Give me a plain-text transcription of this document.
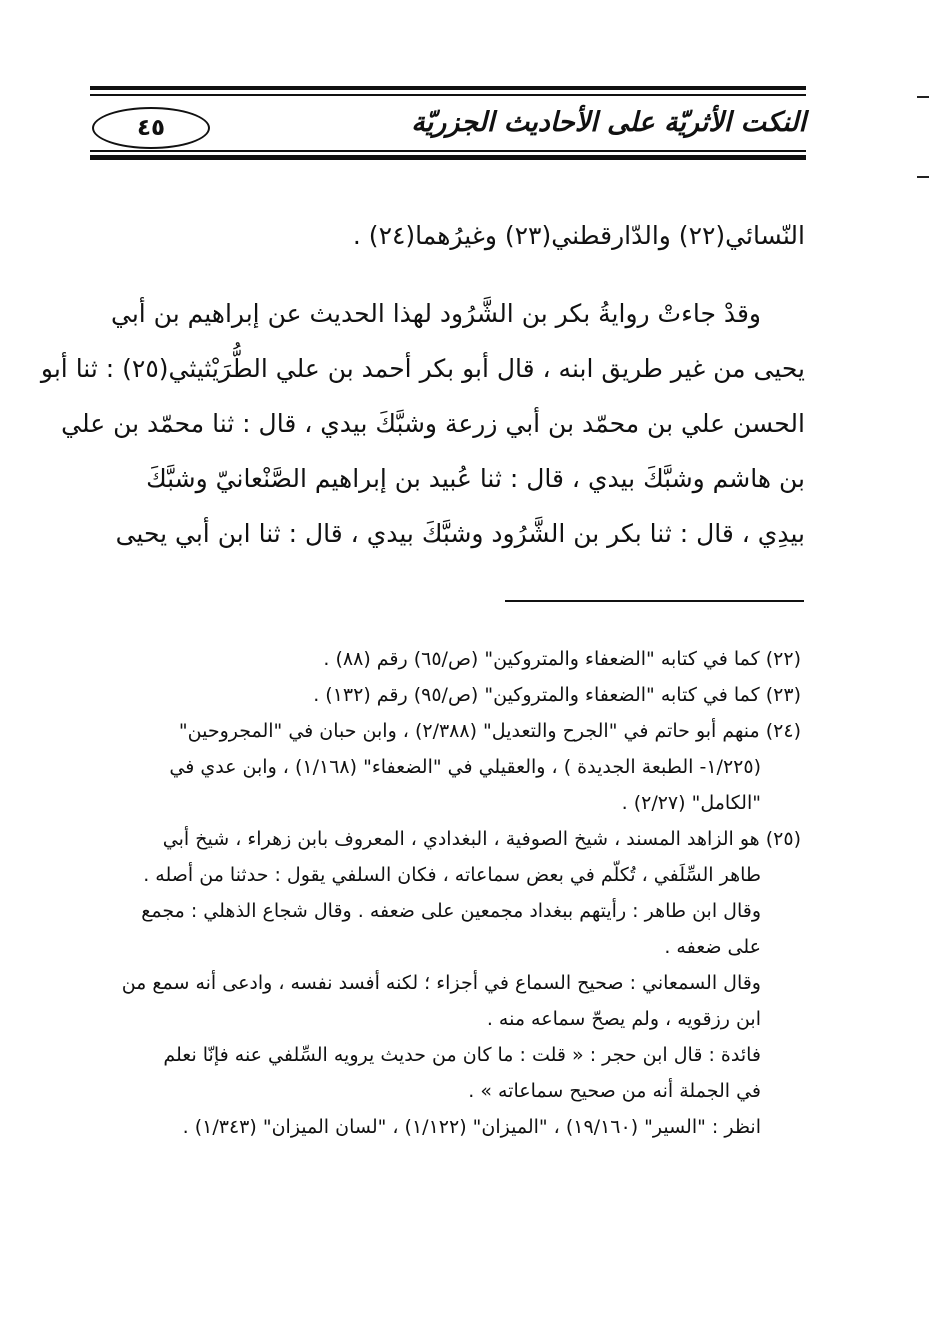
النكت الأثريّة على الأحاديث الجزريّة
٤٥
النّسائي(٢٢) والدّارقطني(٢٣) وغيرُهما(٢٤) .
وقدْ جاءتْ روايةُ بكر بن الشَّرُود لهذا الحديث عن إبراهيم بن أبي
يحيى من غير طريق ابنه ، قال أبو بكر أحمد بن علي الطُّرَيْثيثي(٢٥) : ثنا أبو
الحسن علي بن محمّد بن أبي زرعة وشبَّكَ بيدي ، قال : ثنا محمّد بن علي
بن هاشم وشبَّكَ بيدي ، قال : ثنا عُبيد بن إبراهيم الصَّنْعانيّ وشبَّكَ
بيدِي ، قال : ثنا بكر بن الشَّرُود وشبَّكَ بيدي ، قال : ثنا ابن أبي يحيى
(٢٢) كما في كتابه "الضعفاء والمتروكين" (ص/٦٥) رقم (٨٨) .
(٢٣) كما في كتابه "الضعفاء والمتروكين" (ص/٩٥) رقم (١٣٢) .
(٢٤) منهم أبو حاتم في "الجرح والتعديل" (٢/٣٨٨) ، وابن حبان في "المجروحين"
(١/٢٢٥- الطبعة الجديدة ) ، والعقيلي في "الضعفاء" (١/١٦٨) ، وابن عدي في
"الكامل" (٢/٢٧) .
(٢٥) هو الزاهد المسند ، شيخ الصوفية ، البغدادي ، المعروف بابن زهراء ، شيخ أبي
طاهر السِّلَفي ، تُكلّم في بعض سماعاته ، فكان السلفي يقول : حدثنا من أصله .
وقال ابن طاهر : رأيتهم ببغداد مجمعين على ضعفه . وقال شجاع الذهلي : مجمع
على ضعفه .
وقال السمعاني : صحيح السماع في أجزاء ؛ لكنه أفسد نفسه ، وادعى أنه سمع من
ابن رزقويه ، ولم يصحّ سماعه منه .
فائدة : قال ابن حجر : « قلت : ما كان من حديث يرويه السِّلفي عنه فإنّا نعلم
في الجملة أنه من صحيح سماعاته » .
انظر : "السير" (١٩/١٦٠) ، "الميزان" (١/١٢٢) ، "لسان الميزان" (١/٣٤٣) .
